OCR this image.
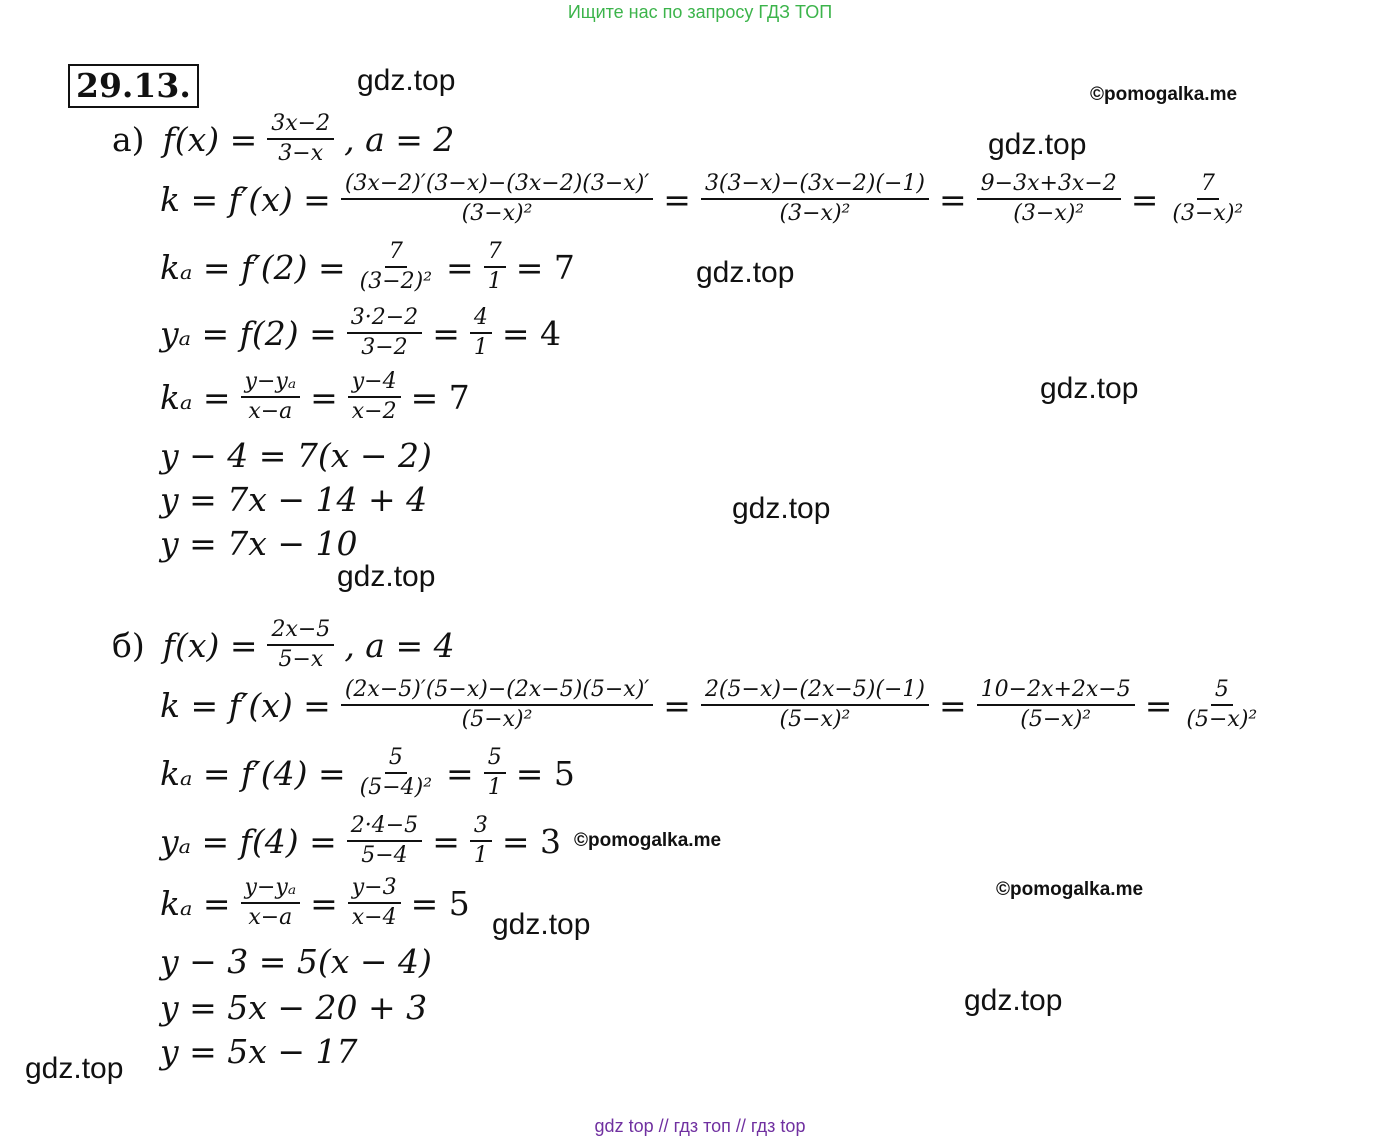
Ищите нас по запросу ГДЗ ТОП
29.13.	gdz.top	©pomogalka.me
gdz.top
gdz.top
gdz.top
gdz.top
gdz.top
©pomogalka.me
©pomogalka.me
gdz.top
gdz.top
gdz.top
а) $f(x) = \frac{3x-2}{3-x}$ , a = 2
$k = f'(x) = \frac{(3x-2)'(3-x)-(3x-2)(3-x)'}{\text{(3−x)²}} = \frac{3(3-x)-(3x-2)(-1)}{\text{(3−x)²}} = \frac{9-3x+3x-2}{\text{(3−x)²}} = \frac{7}{\text{(3−x)²}}$
$k_a = f'(2) = \frac{7}{\text{(3−2)²}} = \frac{7}{1} = 7$
$y_a = f(2) = \frac{3\cdot 2-2}{3-2} = \frac{4}{1} = 4$
$k_a = \frac{\text{y−yₐ}}{x-a} = \frac{y-4}{x-2} = 7$
y − 4 = 7(x − 2)
y = 7x − 14 + 4
y = 7x − 10
б) $f(x) = \frac{2x-5}{5-x}$ , a = 4
$k = f'(x) = \frac{(2x-5)'(5-x)-(2x-5)(5-x)'}{\text{(5−x)²}} = \frac{2(5-x)-(2x-5)(-1)}{\text{(5−x)²}} = \frac{10-2x+2x-5}{\text{(5−x)²}} = \frac{5}{\text{(5−x)²}}$
$k_a = f'(4) = \frac{5}{\text{(5−4)²}} = \frac{5}{1} = 5$
$y_a = f(4) = \frac{2\cdot 4-5}{5-4} = \frac{3}{1} = 3$
$k_a = \frac{\text{y−yₐ}}{x-a} = \frac{y-3}{x-4} = 5$
y − 3 = 5(x − 4)
y = 5x − 20 + 3
y = 5x − 17
gdz top // гдз топ // гдз top
